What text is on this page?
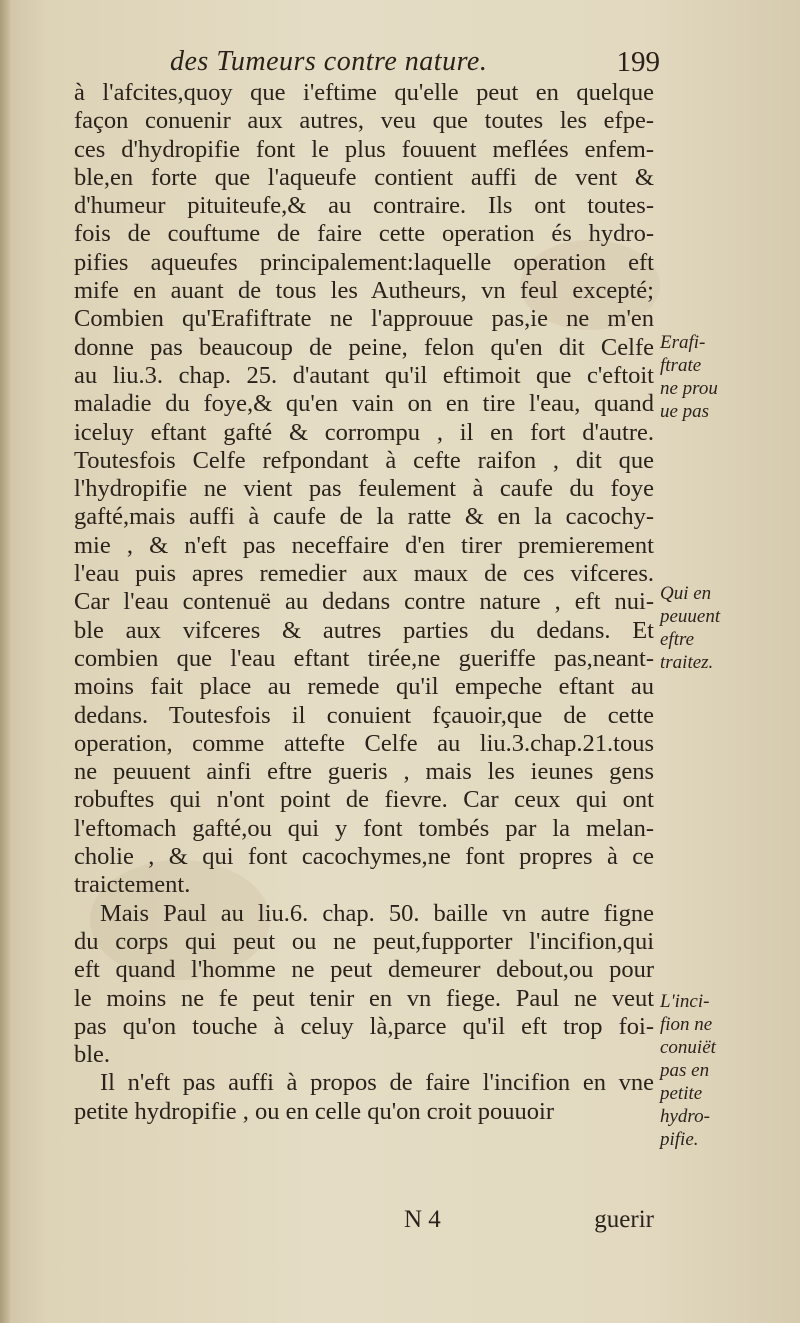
des Tumeurs contre nature.	199
à l'afcites,quoy que i'eftime qu'elle peut en quelque
façon conuenir aux autres, veu que toutes les efpe-
ces d'hydropifie font le plus fouuent meflées enfem-
ble,en forte que l'aqueufe contient auffi de vent &
d'humeur pituiteufe,& au contraire. Ils ont toutes-
fois de couftume de faire cette operation és hydro-
pifies aqueufes principalement:laquelle operation eft
mife en auant de tous les Autheurs, vn feul excepté;
Combien qu'Erafiftrate ne l'approuue pas,ie ne m'en
donne pas beaucoup de peine, felon qu'en dit Celfe
au liu.3. chap. 25. d'autant qu'il eftimoit que c'eftoit
maladie du foye,& qu'en vain on en tire l'eau, quand
iceluy eftant gafté & corrompu , il en fort d'autre.
Toutesfois Celfe refpondant à cefte raifon , dit que
l'hydropifie ne vient pas feulement à caufe du foye
gafté,mais auffi à caufe de la ratte & en la cacochy-
mie , & n'eft pas neceffaire d'en tirer premierement
l'eau puis apres remedier aux maux de ces vifceres.
Car l'eau contenuë au dedans contre nature , eft nui-
ble aux vifceres & autres parties du dedans. Et
combien que l'eau eftant tirée,ne gueriffe pas,neant-
moins fait place au remede qu'il empeche eftant au
dedans. Toutesfois il conuient fçauoir,que de cette
operation, comme attefte Celfe au liu.3.chap.21.tous
ne peuuent ainfi eftre gueris , mais les ieunes gens
robuftes qui n'ont point de fievre. Car ceux qui ont
l'eftomach gafté,ou qui y font tombés par la melan-
cholie , & qui font cacochymes,ne font propres à ce
traictement.
Mais Paul au liu.6. chap. 50. baille vn autre figne
du corps qui peut ou ne peut,fupporter l'incifion,qui
eft quand l'homme ne peut demeurer debout,ou pour
le moins ne fe peut tenir en vn fiege. Paul ne veut
pas qu'on touche à celuy là,parce qu'il eft trop foi-
ble.
Il n'eft pas auffi à propos de faire l'incifion en vne
petite hydropifie , ou en celle qu'on croit pouuoir
Erafi-
ftrate
ne prou
ue pas
Qui en
peuuent
eftre
traitez.
L'inci-
fion ne
conuiët
pas en
petite
hydro-
pifie.
N 4	guerir
